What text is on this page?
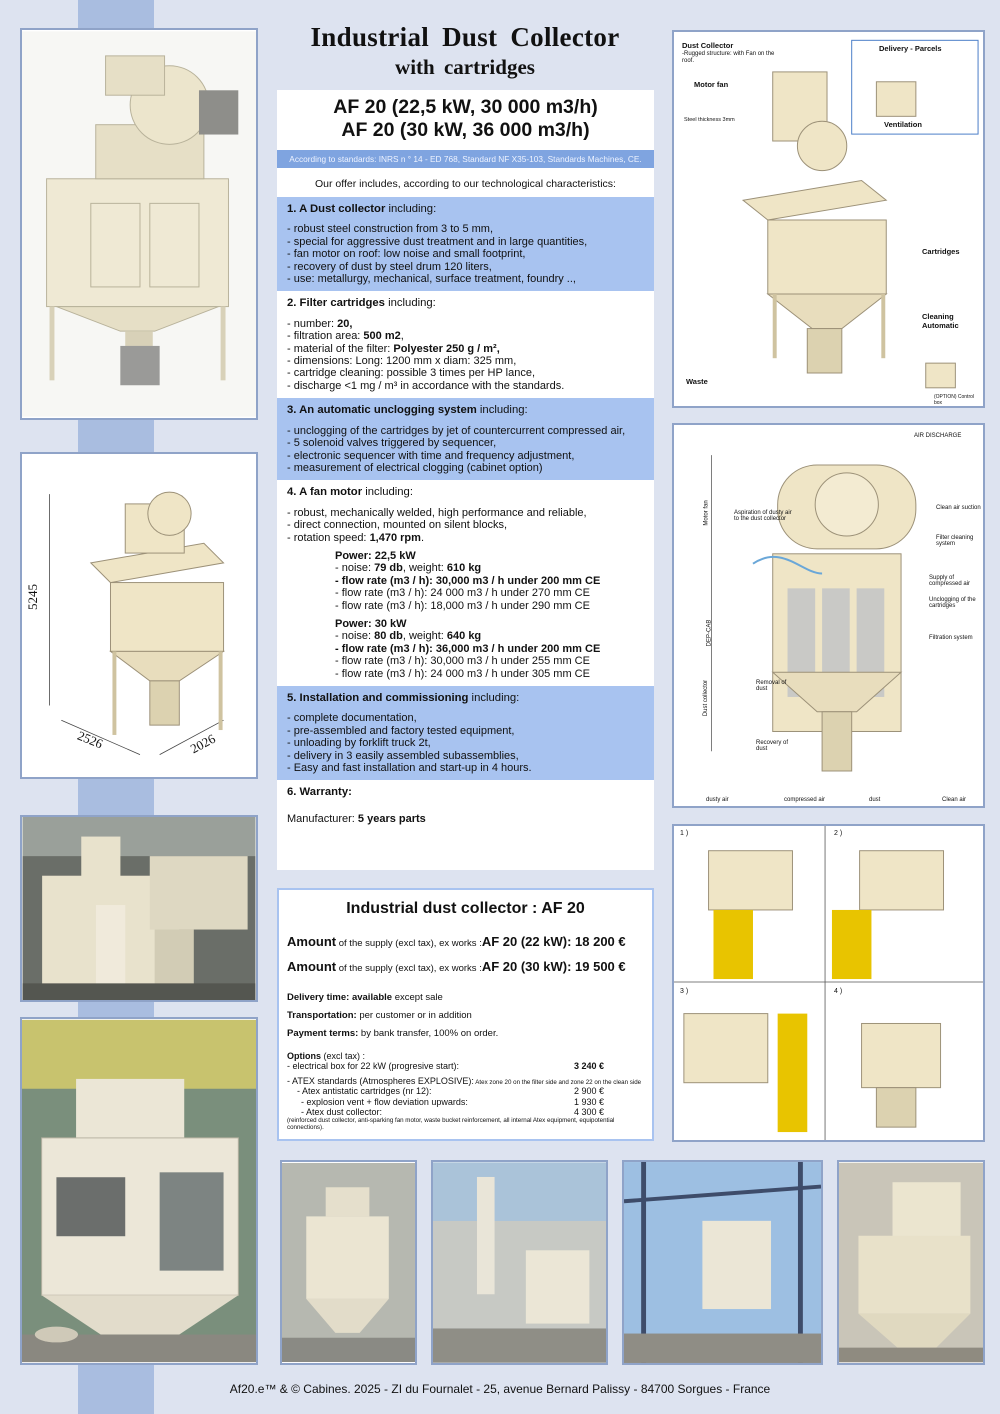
5245
2526	2026
Industrial Dust Collector
with cartridges
AF 20 (22,5 kW, 30 000 m3/h)
AF 20 (30 kW, 36 000 m3/h)
According to standards: INRS n ° 14 - ED 768, Standard NF X35-103, Standards Machines, CE.
Our offer includes, according to our technological characteristics:
1. A Dust collector including:
- robust steel construction from 3 to 5 mm,
- special for aggressive dust treatment and in large quantities,
- fan motor on roof: low noise and small footprint,
- recovery of dust by steel drum 120 liters,
- use: metallurgy, mechanical, surface treatment, foundry ..,
2. Filter cartridges including:
- number: 20,
- filtration area: 500 m2,
- material of the filter: Polyester 250 g / m²,
- dimensions: Long: 1200 mm x diam: 325 mm,
- cartridge cleaning: possible 3 times per HP lance,
- discharge <1 mg / m³ in accordance with the standards.
3. An automatic unclogging system including:
- unclogging of the cartridges by jet of countercurrent compressed air,
- 5 solenoid valves triggered by sequencer,
- electronic sequencer with time and frequency adjustment,
- measurement of electrical clogging (cabinet option)
4. A fan motor including:
- robust, mechanically welded, high performance and reliable,
- direct connection, mounted on silent blocks,
- rotation speed: 1,470 rpm.
Power: 22,5 kW
- noise: 79 db, weight: 610 kg
- flow rate (m3 / h): 30,000 m3 / h under 200 mm CE
- flow rate (m3 / h): 24 000 m3 / h under 270 mm CE
- flow rate (m3 / h): 18,000 m3 / h under 290 mm CE
Power: 30 kW
- noise: 80 db, weight: 640 kg
- flow rate (m3 / h): 36,000 m3 / h under 200 mm CE
- flow rate (m3 / h): 30,000 m3 / h under 255 mm CE
- flow rate (m3 / h): 24 000 m3 / h under 305 mm CE
5. Installation and commissioning including:
- complete documentation,
- pre-assembled and factory tested equipment,
- unloading by forklift truck 2t,
- delivery in 3 easily assembled subassemblies,
- Easy and fast installation and start-up in 4 hours.
6. Warranty:
Manufacturer: 5 years parts
Industrial dust collector : AF 20
Amount of the supply (excl tax), ex works :AF 20 (22 kW): 18 200 €
Amount of the supply (excl tax), ex works :AF 20 (30 kW): 19 500 €
Delivery time: available except sale
Transportation: per customer or in addition
Payment terms: by bank transfer, 100% on order.
Options (excl tax) :
- electrical box for 22 kW (progresive start):	3 240 €
- ATEX standards (Atmospheres EXPLOSIVE): Atex zone 20 on the filter side and zone 22 on the clean side
- Atex antistatic cartridges (nr 12):	2 900 €
- explosion vent + flow deviation upwards:	1 930 €
- Atex dust collector:	4 300 €
(reinforced dust collector, anti-sparking fan motor, waste bucket reinforcement, all internal Atex equipment, equipotential connections).
Dust Collector
-Rugged structure: with Fan on the roof.
Motor fan
Delivery - Parcels
Ventilation
Cartridges
Cleaning Automatic
Waste
Steel thickness 3mm
(OPTION) Control box
AIR DISCHARGE
Clean air suction
Filter cleaning system
Supply of compressed air
Unclogging of the cartridges
Filtration system
Aspiration of dusty air to the dust collector
Removal of dust
Recovery of dust
dusty air	compressed air	dust	Clean air
Motor fan
Dust collector
DEP-CAB
1 )	2 )
3 )	4 )
Af20.e™ & © Cabines. 2025 - ZI du Fournalet - 25, avenue Bernard Palissy - 84700 Sorgues - France
